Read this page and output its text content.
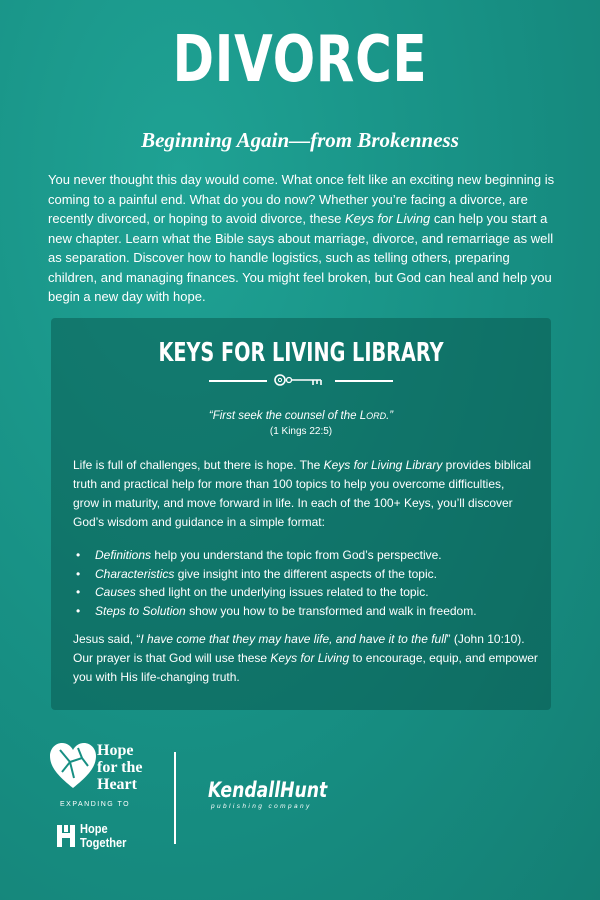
DIVORCE
Beginning Again—from Brokenness

You never thought this day would come. What once felt like an exciting new beginning is coming to a painful end. What do you do now? Whether you’re facing a divorce, are recently divorced, or hoping to avoid divorce, these Keys for Living can help you start a new chapter. Learn what the Bible says about marriage, divorce, and remarriage as well as separation. Discover how to handle logistics, such as telling others, preparing children, and managing finances. You might feel broken, but God can heal and help you begin a new day with hope.

KEYS FOR LIVING LIBRARY
“First seek the counsel of the LORD.”
(1 Kings 22:5)

Life is full of challenges, but there is hope. The Keys for Living Library provides biblical truth and practical help for more than 100 topics to help you overcome difficulties, grow in maturity, and move forward in life. In each of the 100+ Keys, you’ll discover God’s wisdom and guidance in a simple format:

• Definitions help you understand the topic from God’s perspective.
• Characteristics give insight into the different aspects of the topic.
• Causes shed light on the underlying issues related to the topic.
• Steps to Solution show you how to be transformed and walk in freedom.

Jesus said, “I have come that they may have life, and have it to the full” (John 10:10). Our prayer is that God will use these Keys for Living to encourage, equip, and empower you with His life-changing truth.

Hope
for the
Heart
EXPANDING TO
Hope
Together
KendallHunt
publishing company
